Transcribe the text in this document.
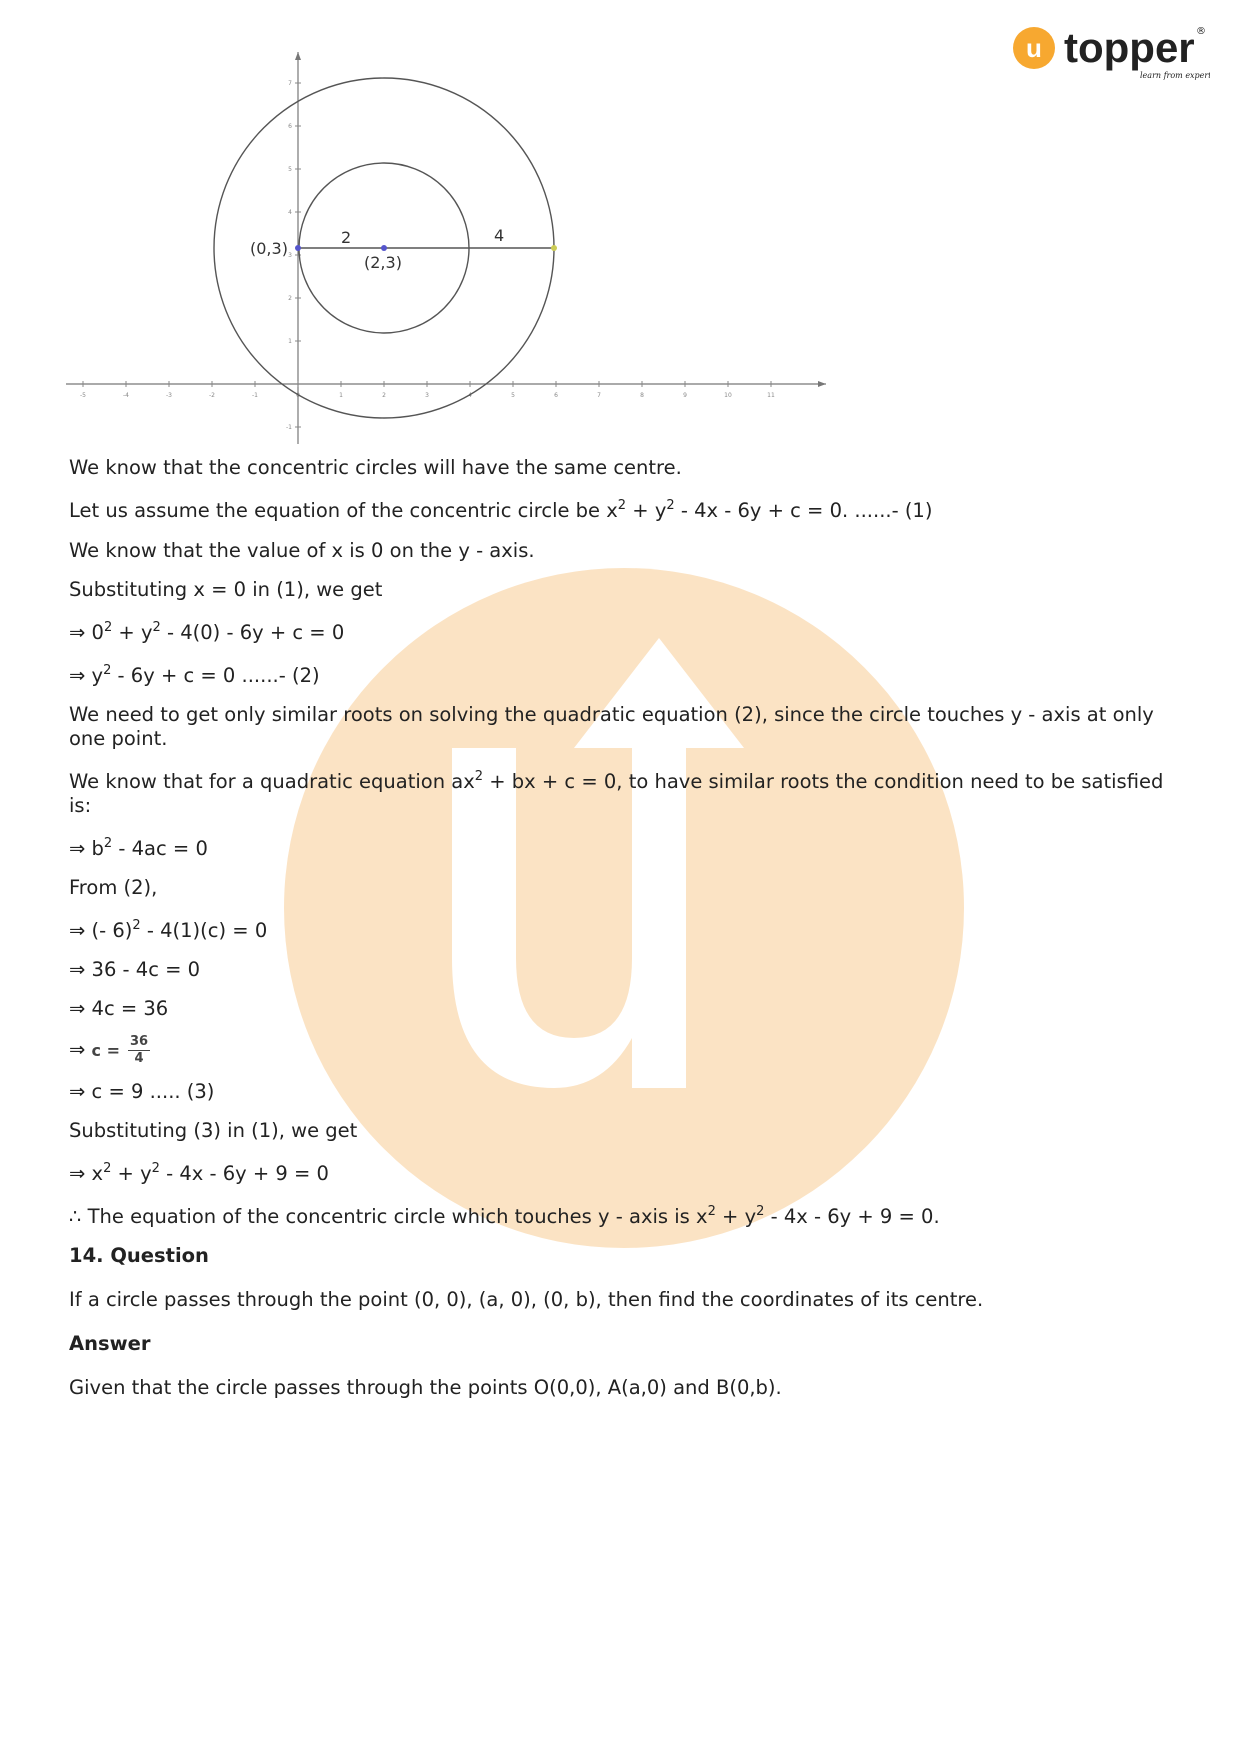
u topper ®
learn from experts
-5	-4	-3	-2	-1	0	1	2	3	4	5	6	7	8	9	10	11
-1
1
2
3
4
5
6
7
(0,3)
(2,3)
2	4

We know that the concentric circles will have the same centre.

Let us assume the equation of the concentric circle be $x^2 + y^2 - 4x - 6y + c = 0$. ......- (1)

We know that the value of x is 0 on the y - axis.

Substituting x = 0 in (1), we get

⇒ $0^2 + y^2 - 4(0) - 6y + c = 0$

⇒ $y^2 - 6y + c = 0$ ......- (2)

We need to get only similar roots on solving the quadratic equation (2), since the circle touches y - axis at only one point.

We know that for a quadratic equation $ax^2$ + bx + c = 0, to have similar roots the condition need to be satisfied is:

⇒ $b^2 - 4ac = 0$

From (2),

⇒ (- 6)$^2$ - 4(1)(c) = 0

⇒ 36 - 4c = 0

⇒ 4c = 36

⇒ $c = \frac{36}{4}$

⇒ c = 9 ..... (3)

Substituting (3) in (1), we get

⇒ $x^2 + y^2 - 4x - 6y + 9 = 0$

∴ The equation of the concentric circle which touches y - axis is $x^2 + y^2 - 4x - 6y + 9 = 0$.

14. Question

If a circle passes through the point (0, 0), (a, 0), (0, b), then find the coordinates of its centre.

Answer

Given that the circle passes through the points O(0,0), A(a,0) and B(0,b).
